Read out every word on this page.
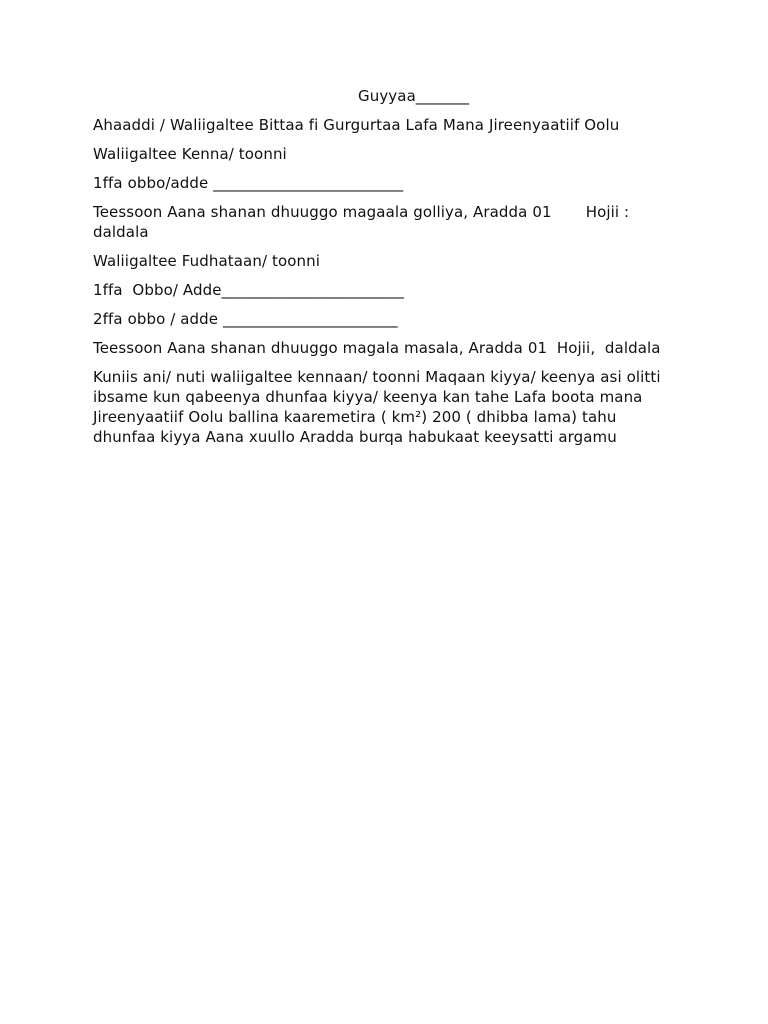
Guyyaa_______

Ahaaddi / Waliigaltee Bittaa fi Gurgurtaa Lafa Mana Jireenyaatiif Oolu

Waliigaltee Kenna/ toonni

1ffa obbo/adde _________________________

Teessoon Aana shanan dhuuggo magaala golliya, Aradda 01       Hojii : daldala

Waliigaltee Fudhataan/ toonni

1ffa  Obbo/ Adde________________________

2ffa obbo / adde _______________________

Teessoon Aana shanan dhuuggo magala masala, Aradda 01  Hojii,  daldala

Kuniis ani/ nuti waliigaltee kennaan/ toonni Maqaan kiyya/ keenya asi olitti ibsame kun qabeenya dhunfaa kiyya/ keenya kan tahe Lafa boota mana Jireenyaatiif Oolu ballina kaaremetira ( km²) 200 ( dhibba lama) tahu dhunfaa kiyya Aana xuullo Aradda burqa habukaat keeysatti argamu
